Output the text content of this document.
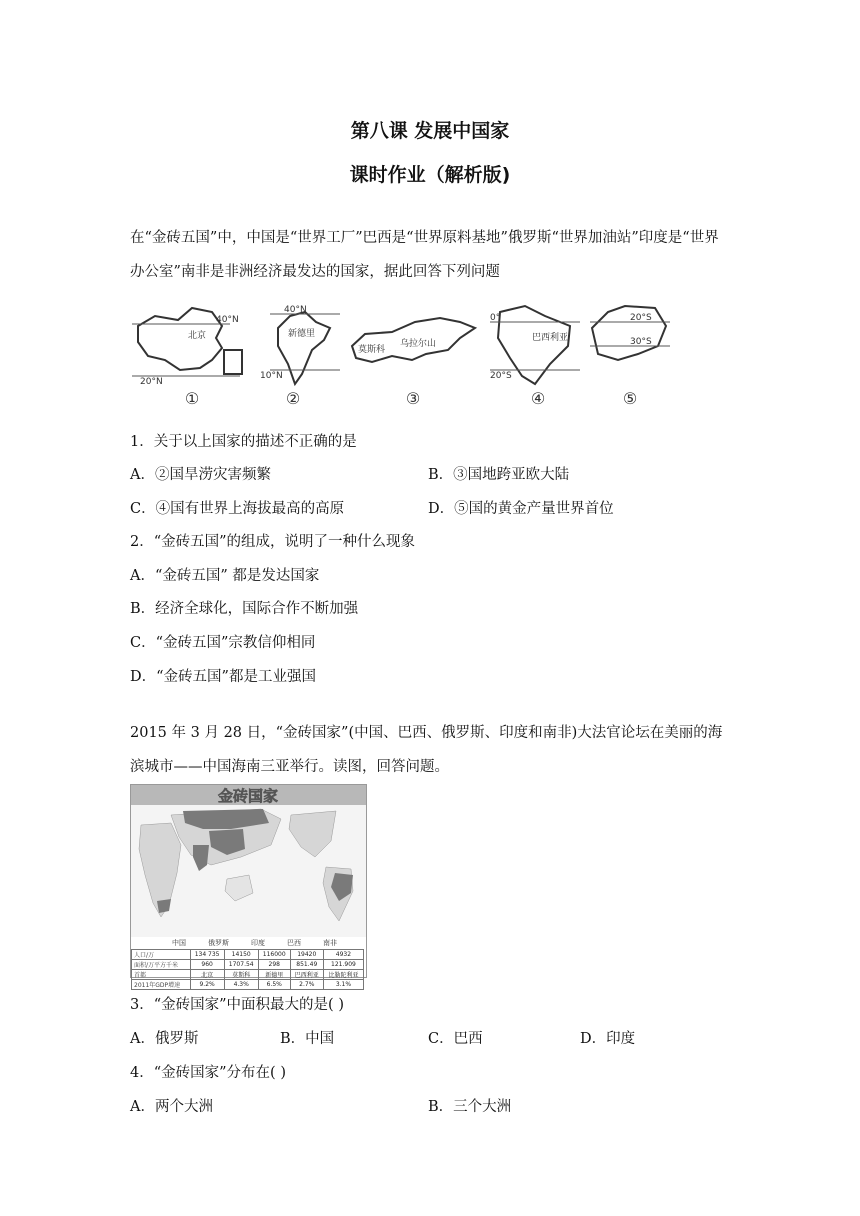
第八课 发展中国家
课时作业（解析版)
在“金砖五国”中，中国是“世界工厂”巴西是“世界原料基地”俄罗斯“世界加油站”印度是“世界
办公室”南非是非洲经济最发达的国家，据此回答下列问题
北京
40°N
20°N
新德里
40°N
10°N
莫斯科
乌拉尔山
巴西利亚
0°
20°S
20°S
30°S
①	②	③	④	⑤
1．关于以上国家的描述不正确的是
A．②国旱涝灾害频繁	B．③国地跨亚欧大陆
C．④国有世界上海拔最高的高原	D．⑤国的黄金产量世界首位
2．“金砖五国”的组成，说明了一种什么现象
A．“金砖五国” 都是发达国家
B．经济全球化，国际合作不断加强
C．“金砖五国”宗教信仰相同
D．“金砖五国”都是工业强国
2015 年 3 月 28 日，“金砖国家”(中国、巴西、俄罗斯、印度和南非)大法官论坛在美丽的海
滨城市——中国海南三亚举行。读图，回答问题。
金砖国家
中国	俄罗斯	印度	巴西	南非
人口/万	134 735	14150	116000	19420	4932
面积/万平方千米	960	1707.54	298	851.49	121.909
首都	北京	莫斯科	新德里	巴西利亚	比勒陀利亚
2011年GDP增速	9.2%	4.3%	6.5%	2.7%	3.1%
3．“金砖国家”中面积最大的是( )
A．俄罗斯	B．中国	C．巴西	D．印度
4．“金砖国家”分布在( )
A．两个大洲	B．三个大洲
